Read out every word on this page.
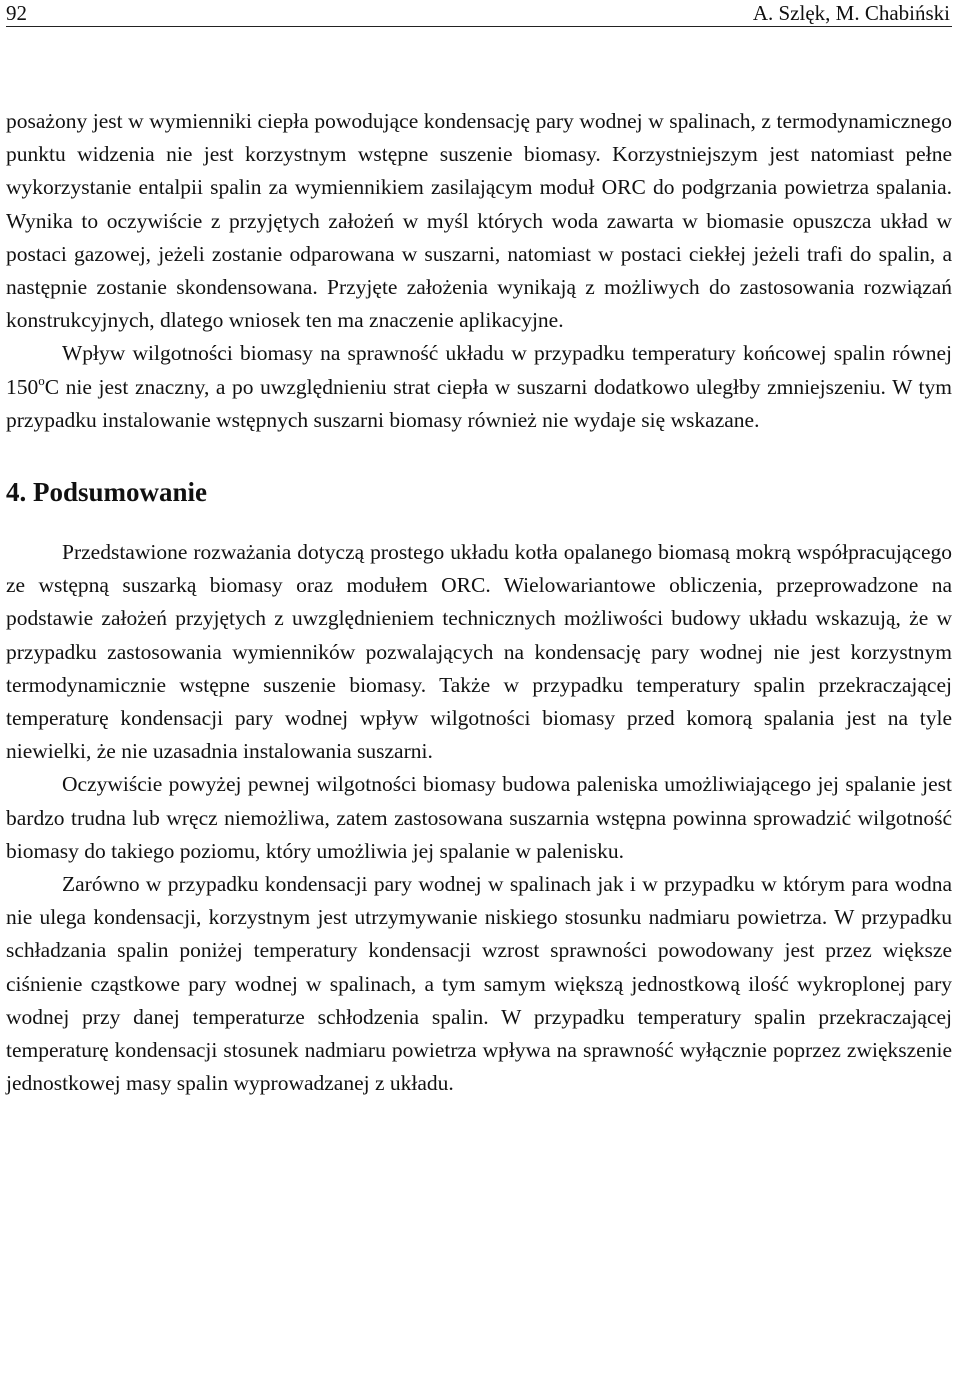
92	A. Szlęk, M. Chabiński

posażony jest w wymienniki ciepła powodujące kondensację pary wodnej w spalinach, z termodynamicznego punktu widzenia nie jest korzystnym wstępne suszenie biomasy. Korzystniejszym jest natomiast pełne wykorzystanie entalpii spalin za wymiennikiem zasilającym moduł ORC do podgrzania powietrza spalania. Wynika to oczywiście z przyjętych założeń w myśl których woda zawarta w biomasie opuszcza układ w postaci gazowej, jeżeli zostanie odparowana w suszarni, natomiast w postaci ciekłej jeżeli trafi do spalin, a następnie zostanie skondensowana. Przyjęte założenia wynikają z możliwych do zastosowania rozwiązań konstrukcyjnych, dlatego wniosek ten ma znaczenie aplikacyjne.

Wpływ wilgotności biomasy na sprawność układu w przypadku temperatury końcowej spalin równej 150$^o$C nie jest znaczny, a po uwzględnieniu strat ciepła w suszarni dodatkowo uległby zmniejszeniu. W tym przypadku instalowanie wstępnych suszarni biomasy również nie wydaje się wskazane.

4. Podsumowanie

Przedstawione rozważania dotyczą prostego układu kotła opalanego biomasą mokrą współpracującego ze wstępną suszarką biomasy oraz modułem ORC. Wielowariantowe obliczenia, przeprowadzone na podstawie założeń przyjętych z uwzględnieniem technicznych możliwości budowy układu wskazują, że w przypadku zastosowania wymienników pozwalających na kondensację pary wodnej nie jest korzystnym termodynamicznie wstępne suszenie biomasy. Także w przypadku temperatury spalin przekraczającej temperaturę kondensacji pary wodnej wpływ wilgotności biomasy przed komorą spalania jest na tyle niewielki, że nie uzasadnia instalowania suszarni.

Oczywiście powyżej pewnej wilgotności biomasy budowa paleniska umożliwiającego jej spalanie jest bardzo trudna lub wręcz niemożliwa, zatem zastosowana suszarnia wstępna powinna sprowadzić wilgotność biomasy do takiego poziomu, który umożliwia jej spalanie w palenisku.

Zarówno w przypadku kondensacji pary wodnej w spalinach jak i w przypadku w którym para wodna nie ulega kondensacji, korzystnym jest utrzymywanie niskiego stosunku nadmiaru powietrza. W przypadku schładzania spalin poniżej temperatury kondensacji wzrost sprawności powodowany jest przez większe ciśnienie cząstkowe pary wodnej w spalinach, a tym samym większą jednostkową ilość wykroplonej pary wodnej przy danej temperaturze schłodzenia spalin. W przypadku temperatury spalin przekraczającej temperaturę kondensacji stosunek nadmiaru powietrza wpływa na sprawność wyłącznie poprzez zwiększenie jednostkowej masy spalin wyprowadzanej z układu.
